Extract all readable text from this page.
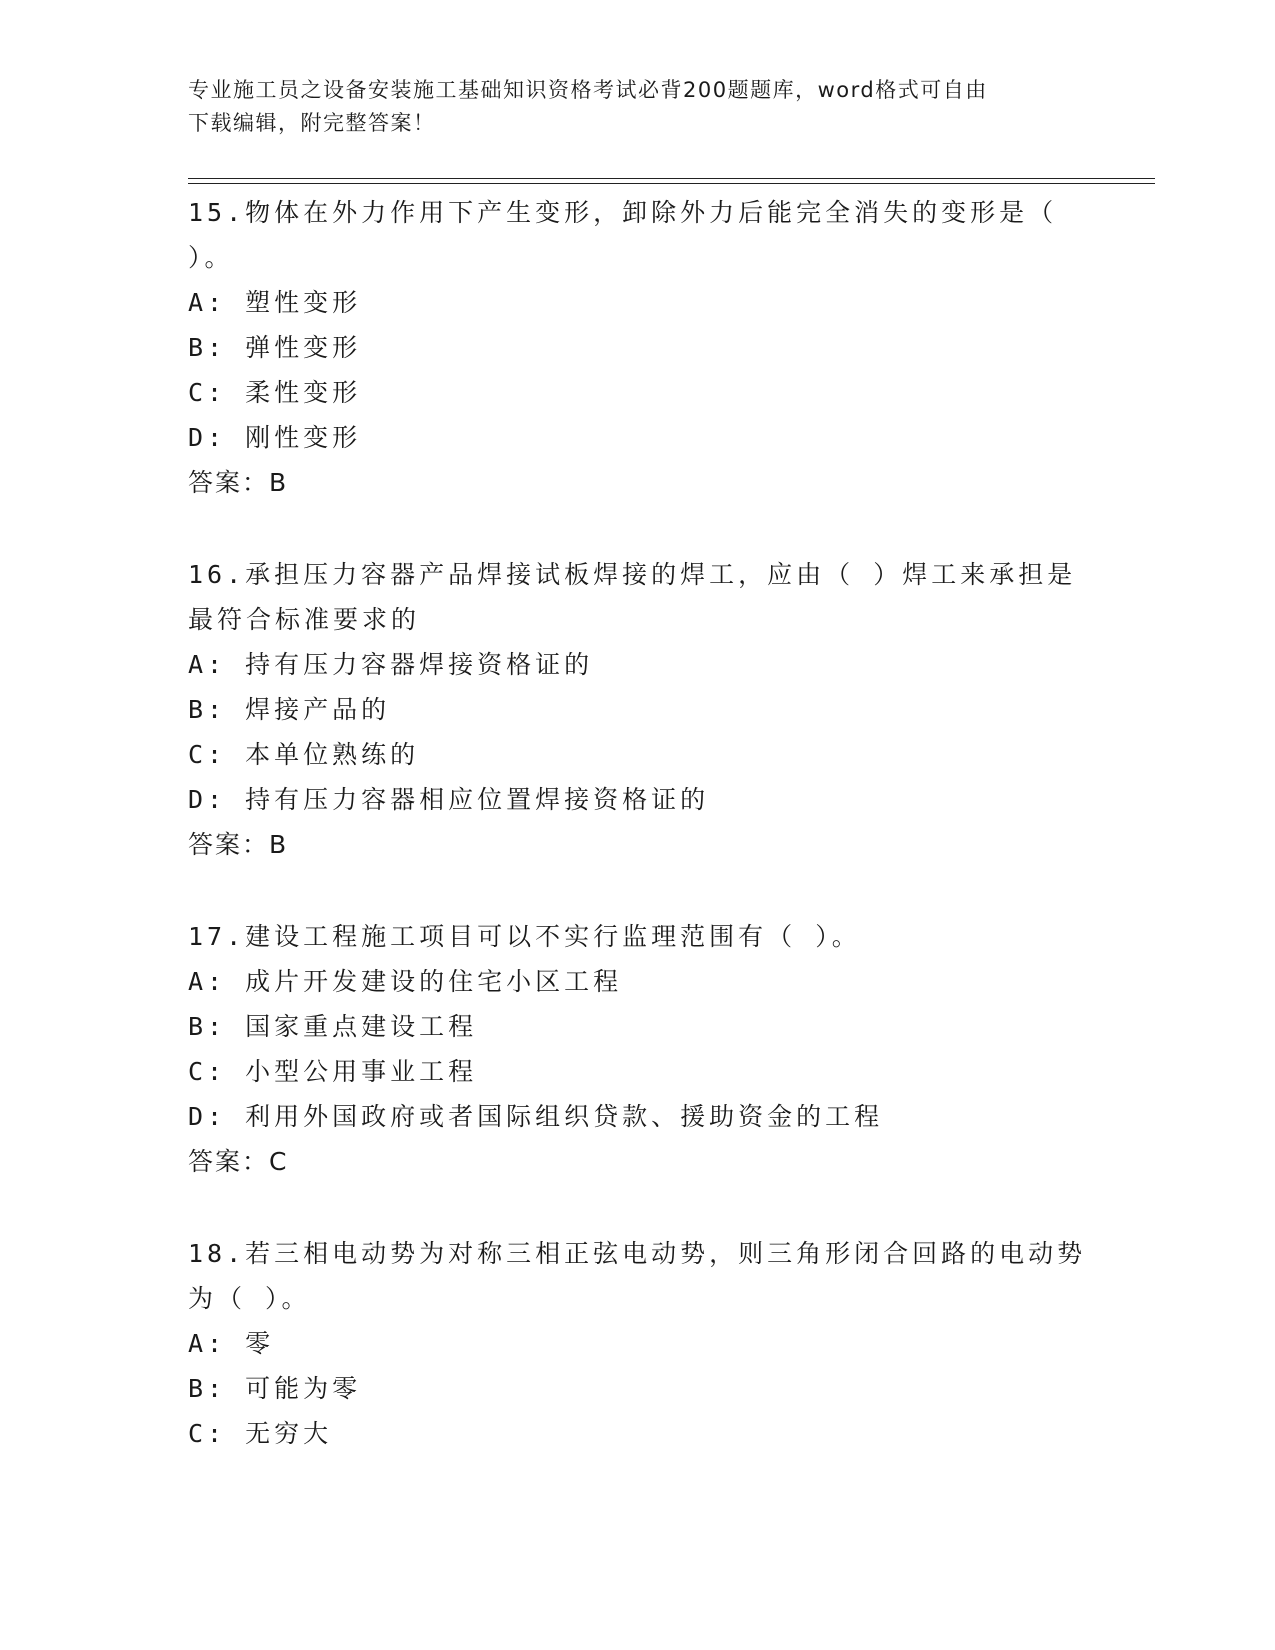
专业施工员之设备安装施工基础知识资格考试必背200题题库，word格式可自由
下载编辑，附完整答案！
15.物体在外力作用下产生变形，卸除外力后能完全消失的变形是（
）。
A: 塑性变形
B: 弹性变形
C: 柔性变形
D: 刚性变形
答案：B
16.承担压力容器产品焊接试板焊接的焊工，应由（ ）焊工来承担是
最符合标准要求的
A: 持有压力容器焊接资格证的
B: 焊接产品的
C: 本单位熟练的
D: 持有压力容器相应位置焊接资格证的
答案：B
17.建设工程施工项目可以不实行监理范围有（ ）。
A: 成片开发建设的住宅小区工程
B: 国家重点建设工程
C: 小型公用事业工程
D: 利用外国政府或者国际组织贷款、援助资金的工程
答案：C
18.若三相电动势为对称三相正弦电动势，则三角形闭合回路的电动势
为（ ）。
A: 零
B: 可能为零
C: 无穷大
